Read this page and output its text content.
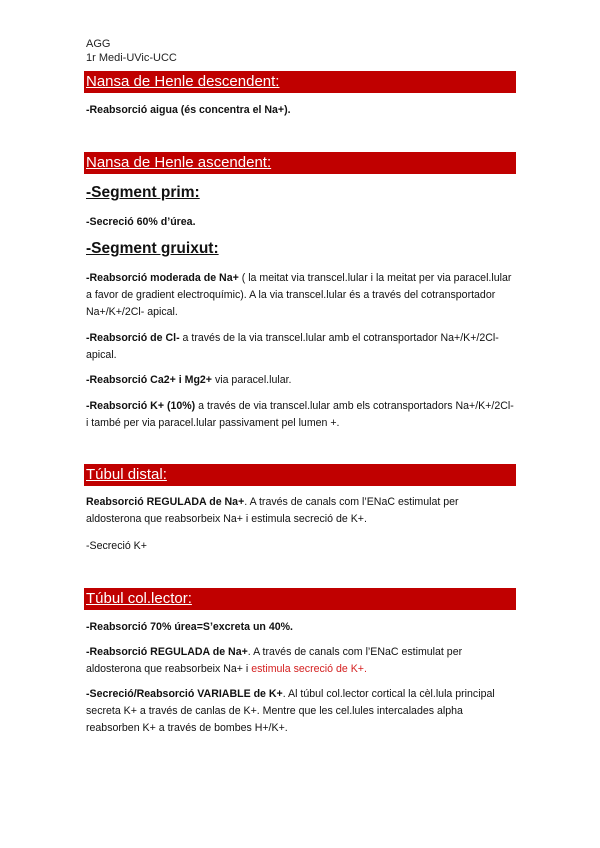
AGG
1r Medi-UVic-UCC
Nansa de Henle descendent:
-Reabsorció aigua (és concentra el Na+).
Nansa de Henle ascendent:
-Segment prim:
-Secreció 60% d’úrea.
-Segment gruixut:
-Reabsorció moderada de Na+ ( la meitat via transcel.lular i la meitat per via paracel.lular a favor de gradient electroquímic). A la via transcel.lular és a través del cotransportador Na+/K+/2Cl- apical.
-Reabsorció de Cl- a través de la via transcel.lular amb el cotransportador Na+/K+/2Cl- apical.
-Reabsorció Ca2+ i Mg2+ via paracel.lular.
-Reabsorció K+ (10%) a través de via transcel.lular amb els cotransportadors Na+/K+/2Cl- i també per via paracel.lular passivament pel lumen +.
Túbul distal:
Reabsorció REGULADA de Na+. A través de canals com l’ENaC estimulat per aldosterona que reabsorbeix Na+ i estimula secreció de K+.
-Secreció K+
Túbul col.lector:
-Reabsorció 70% úrea=S’excreta un 40%.
-Reabsorció REGULADA de Na+. A través de canals com l’ENaC estimulat per aldosterona que reabsorbeix Na+ i estimula secreció de K+.
-Secreció/Reabsorció VARIABLE de K+. Al túbul col.lector cortical la cèl.lula principal secreta K+ a través de canlas de K+. Mentre que les cel.lules intercalades alpha reabsorben K+ a través de bombes H+/K+.
